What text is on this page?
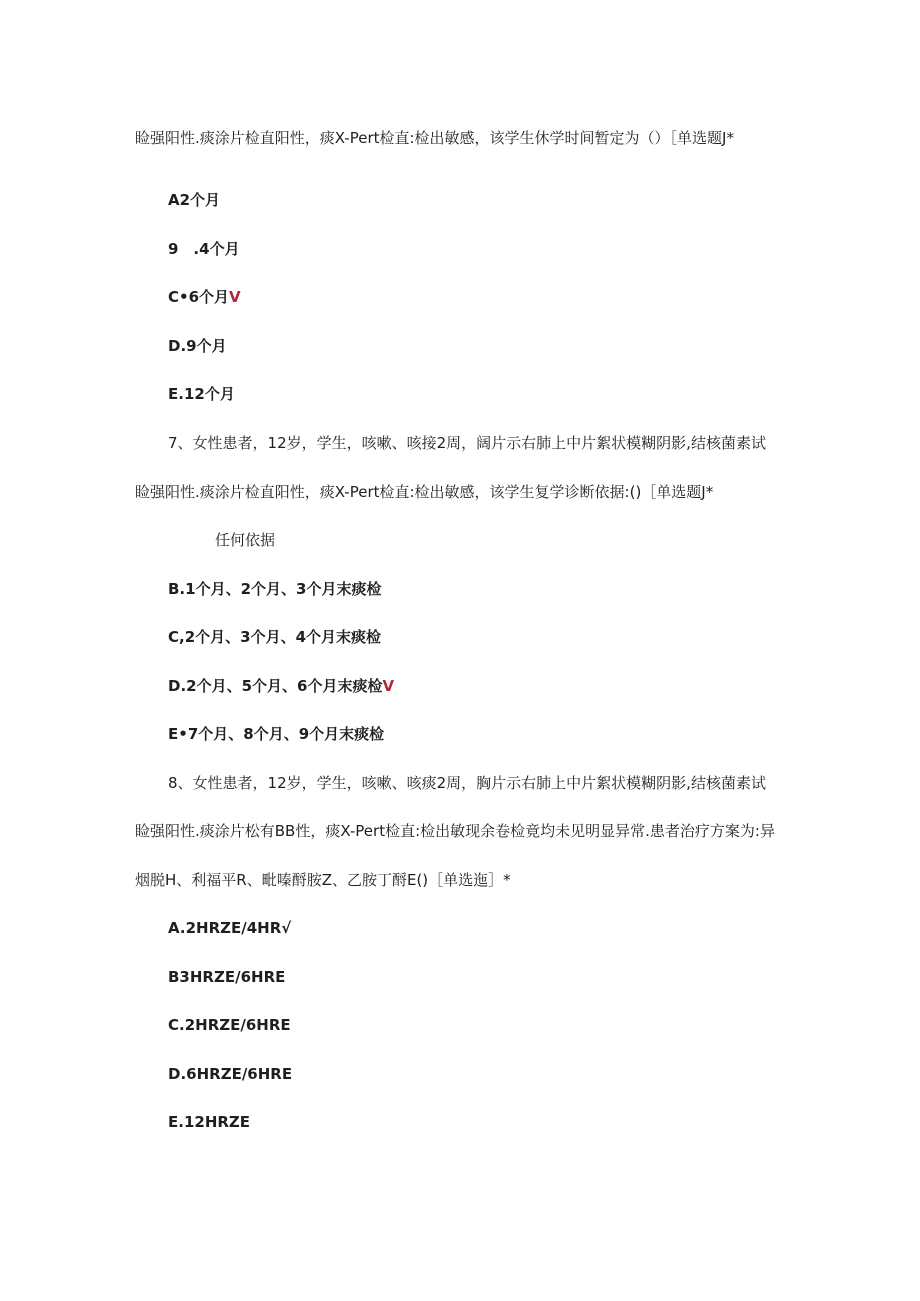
睑强阳性.痰涂片检直阳性，痰X-Pert检直:检出敏感，该学生休学时间暂定为（）［单选题J*
A2个月
9　.4个月
C•6个月V
D.9个月
E.12个月
7、女性患者，12岁，学生，咳嗽、咳接2周，阔片示右肺上中片絮状模糊阴影,结核菌素试
睑强阳性.痰涂片检直阳性，痰X-Pert检直:检出敏感，该学生复学诊断依据:()［单选题J*
任何依据
B.1个月、2个月、3个月末痰检
C,2个月、3个月、4个月末痰检
D.2个月、5个月、6个月末痰检V
E•7个月、8个月、9个月末痰检
8、女性患者，12岁，学生，咳嗽、咳痰2周，胸片示右肺上中片絮状模糊阴影,结核菌素试
睑强阳性.痰涂片松有BB性，痰X-Pert检直:检出敏现余卷检竟均未见明显异常.患者治疗方案为:异
烟脱H、利福平R、毗嗪酹胺Z、乙胺丁酹E()［单选迤］*
A.2HRZE∕4HR√
B3HRZE/6HRE
C.2HRZE/6HRE
D.6HRZE/6HRE
E.12HRZE
